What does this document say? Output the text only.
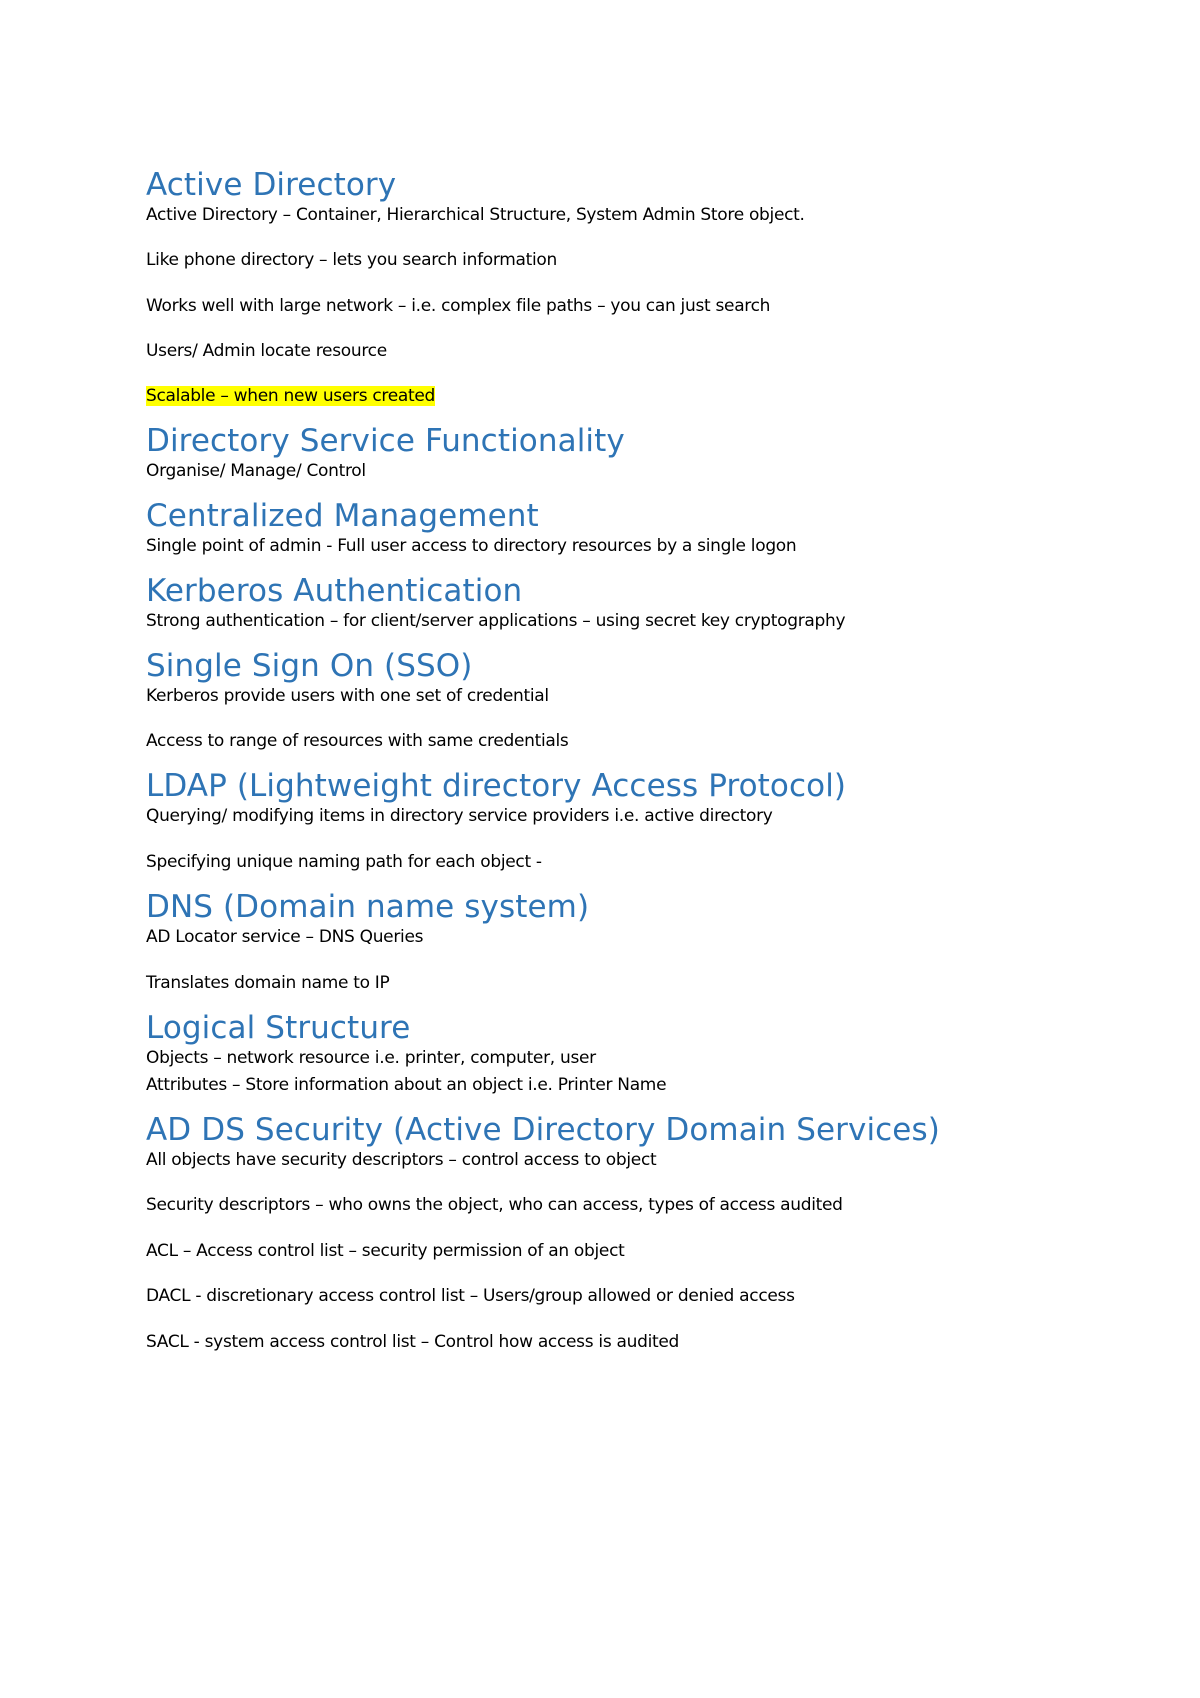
Active Directory

Active Directory – Container, Hierarchical Structure, System Admin Store object.

Like phone directory – lets you search information

Works well with large network – i.e. complex file paths – you can just search

Users/ Admin locate resource

Scalable – when new users created

Directory Service Functionality

Organise/ Manage/ Control

Centralized Management

Single point of admin - Full user access to directory resources by a single logon

Kerberos Authentication

Strong authentication – for client/server applications – using secret key cryptography

Single Sign On (SSO)

Kerberos provide users with one set of credential

Access to range of resources with same credentials

LDAP (Lightweight directory Access Protocol)

Querying/ modifying items in directory service providers i.e. active directory

Specifying unique naming path for each object -

DNS (Domain name system)

AD Locator service – DNS Queries

Translates domain name to IP

Logical Structure

Objects – network resource i.e. printer, computer, user

Attributes – Store information about an object i.e. Printer Name

AD DS Security (Active Directory Domain Services)

All objects have security descriptors – control access to object

Security descriptors – who owns the object, who can access, types of access audited

ACL – Access control list – security permission of an object

DACL - discretionary access control list – Users/group allowed or denied access

SACL - system access control list – Control how access is audited
